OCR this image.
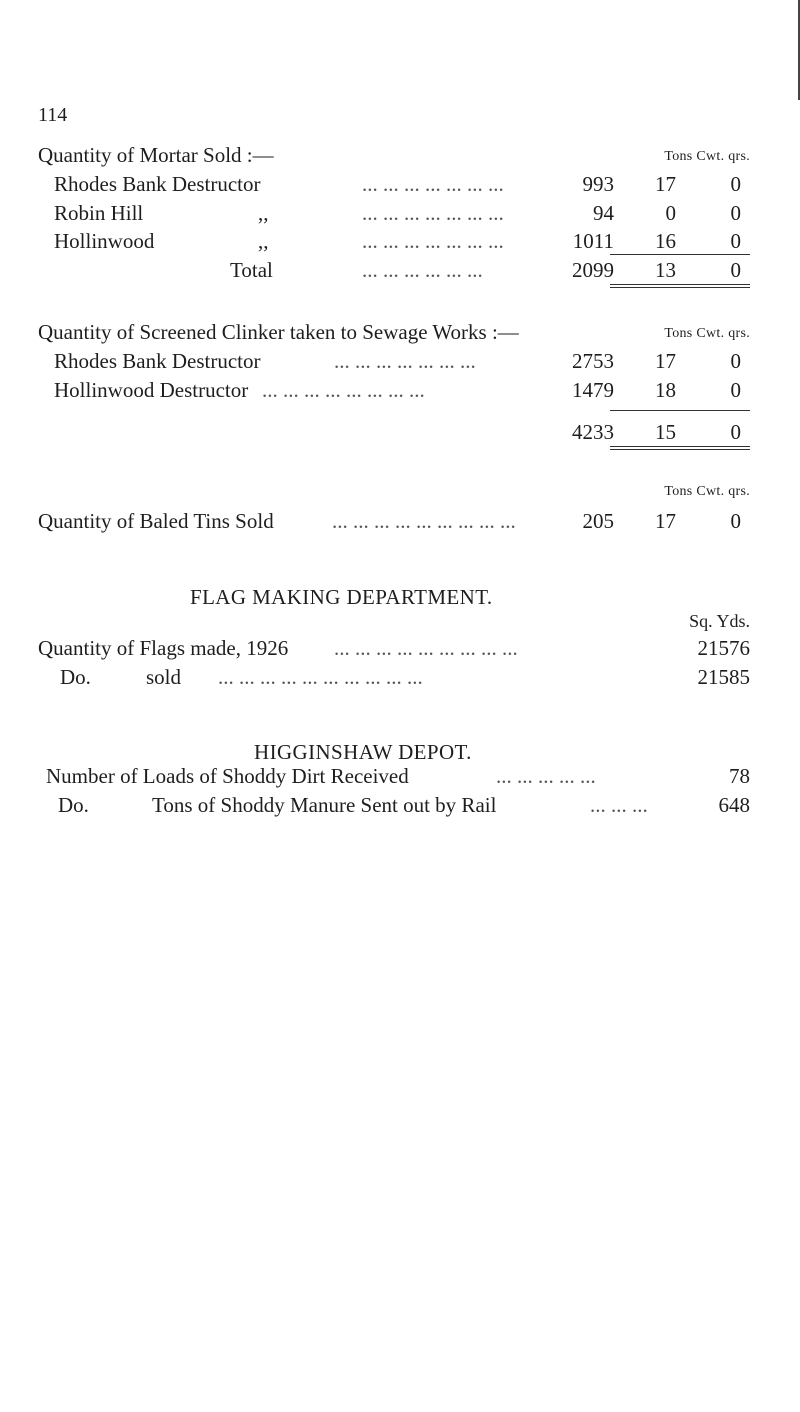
114
Quantity of Mortar Sold :—	Tons Cwt. qrs.
Rhodes Bank Destructor	... ... ... ... ... ... ...	993 17	0
Robin Hill	,,	... ... ... ... ... ... ...	94 0	0
Hollinwood	,,	... ... ... ... ... ... ...	1011 16	0
Total	... ... ... ... ... ...	2099 13	0
Quantity of Screened Clinker taken to Sewage Works :—	Tons Cwt. qrs.
Rhodes Bank Destructor	... ... ... ... ... ... ...	2753 17	0
Hollinwood Destructor ... ... ... ... ... ... ... ...	1479 18	0
4233 15	0
Tons Cwt. qrs.
Quantity of Baled Tins Sold	... ... ... ... ... ... ... ... ...	205 17	0
FLAG MAKING DEPARTMENT.
Sq. Yds.
Quantity of Flags made, 1926 ... ... ... ... ... ... ... ... ...	21576
Do.	sold ... ... ... ... ... ... ... ... ... ...	21585
HIGGINSHAW DEPOT.
Number of Loads of Shoddy Dirt Received	... ... ... ... ...	78
Do.	Tons of Shoddy Manure Sent out by Rail	... ... ...	648
